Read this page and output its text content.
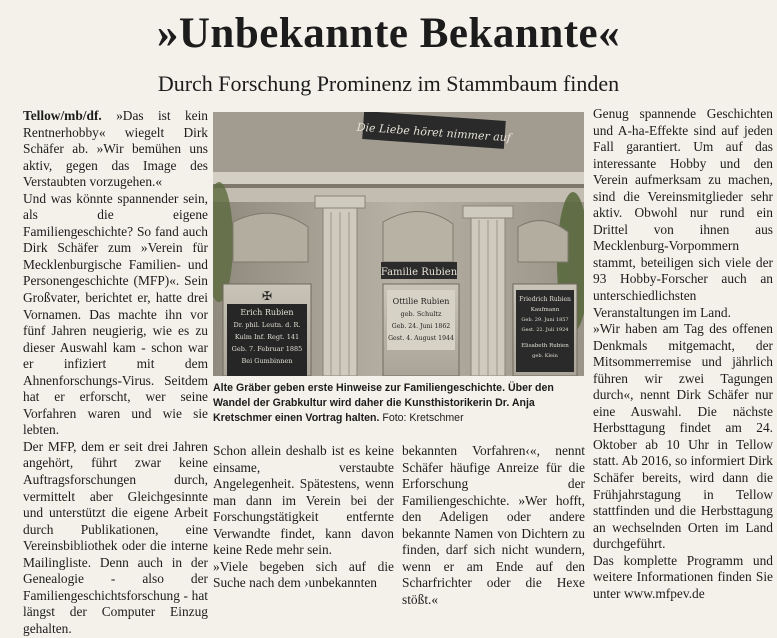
»Unbekannte Bekannte«
Durch Forschung Prominenz im Stammbaum finden

Tellow/mb/df. »Das ist kein Rentnerhobby« wiegelt Dirk Schäfer ab. »Wir bemühen uns aktiv, gegen das Image des Verstaubten vorzugehen.«

Und was könnte spannender sein, als die eigene Familiengeschichte? So fand auch Dirk Schäfer zum »Verein für Mecklenburgische Familien- und Personengeschichte (MFP)«. Sein Großvater, berichtet er, hatte drei Vornamen. Das machte ihn vor fünf Jahren neugierig, wie es zu dieser Auswahl kam - schon war er infiziert mit dem Ahnenforschungs-Virus. Seitdem hat er erforscht, wer seine Vorfahren waren und wie sie lebten.

Der MFP, dem er seit drei Jahren angehört, führt zwar keine Auftragsforschungen durch, vermittelt aber Gleichgesinnte und unterstützt die eigene Arbeit durch Publikationen, eine Vereinsbibliothek oder die interne Mailingliste. Denn auch in der Genealogie - also der Familiengeschichtsforschung - hat längst der Computer Einzug gehalten.

Die Liebe höret nimmer auf
Familie Rubien
✠
Erich Rubien
Dr. phil. Leutn. d. R.
Kulm Inf. Regt. 141
Geb. 7. Februar 1885
Bei Gumbinnen
Ottilie Rubien
geb. Schultz
Geb. 24. Juni 1862
Gest. 4. August 1944
Friedrich Rubien
Kaufmann
Geb. 29. Juni 1857
Gest. 22. Juli 1924
Elisabeth Rubien
geb. Klein
Alte Gräber geben erste Hinweise zur Familiengeschichte. Über den Wandel der Grabkultur wird daher die Kunsthistorikerin Dr. Anja Kretschmer einen Vortrag halten. Foto: Kretschmer

Schon allein deshalb ist es keine einsame, verstaubte Angelegenheit. Spätestens, wenn man dann im Verein bei der Forschungstätigkeit entfernte Verwandte findet, kann davon keine Rede mehr sein.

»Viele begeben sich auf die Suche nach dem ›unbekannten

bekannten Vorfahren‹«, nennt Schäfer häufige Anreize für die Erforschung der Familiengeschichte. »Wer hofft, den Adeligen oder andere bekannte Namen von Dichtern zu finden, darf sich nicht wundern, wenn er am Ende auf den Scharfrichter oder die Hexe stößt.«

Genug spannende Geschichten und A-ha-Effekte sind auf jeden Fall garantiert. Um auf das interessante Hobby und den Verein aufmerksam zu machen, sind die Vereinsmitglieder sehr aktiv. Obwohl nur rund ein Drittel von ihnen aus Mecklenburg-Vorpommern stammt, beteiligen sich viele der 93 Hobby-Forscher auch an unterschiedlichsten Veranstaltungen im Land.

»Wir haben am Tag des offenen Denkmals mitgemacht, der Mitsommerremise und jährlich führen wir zwei Tagungen durch«, nennt Dirk Schäfer nur eine Auswahl. Die nächste Herbsttagung findet am 24. Oktober ab 10 Uhr in Tellow statt. Ab 2016, so informiert Dirk Schäfer bereits, wird dann die Frühjahrstagung in Tellow stattfinden und die Herbsttagung an wechselnden Orten im Land durchgeführt.

Das komplette Programm und weitere Informationen finden Sie unter www.mfpev.de
